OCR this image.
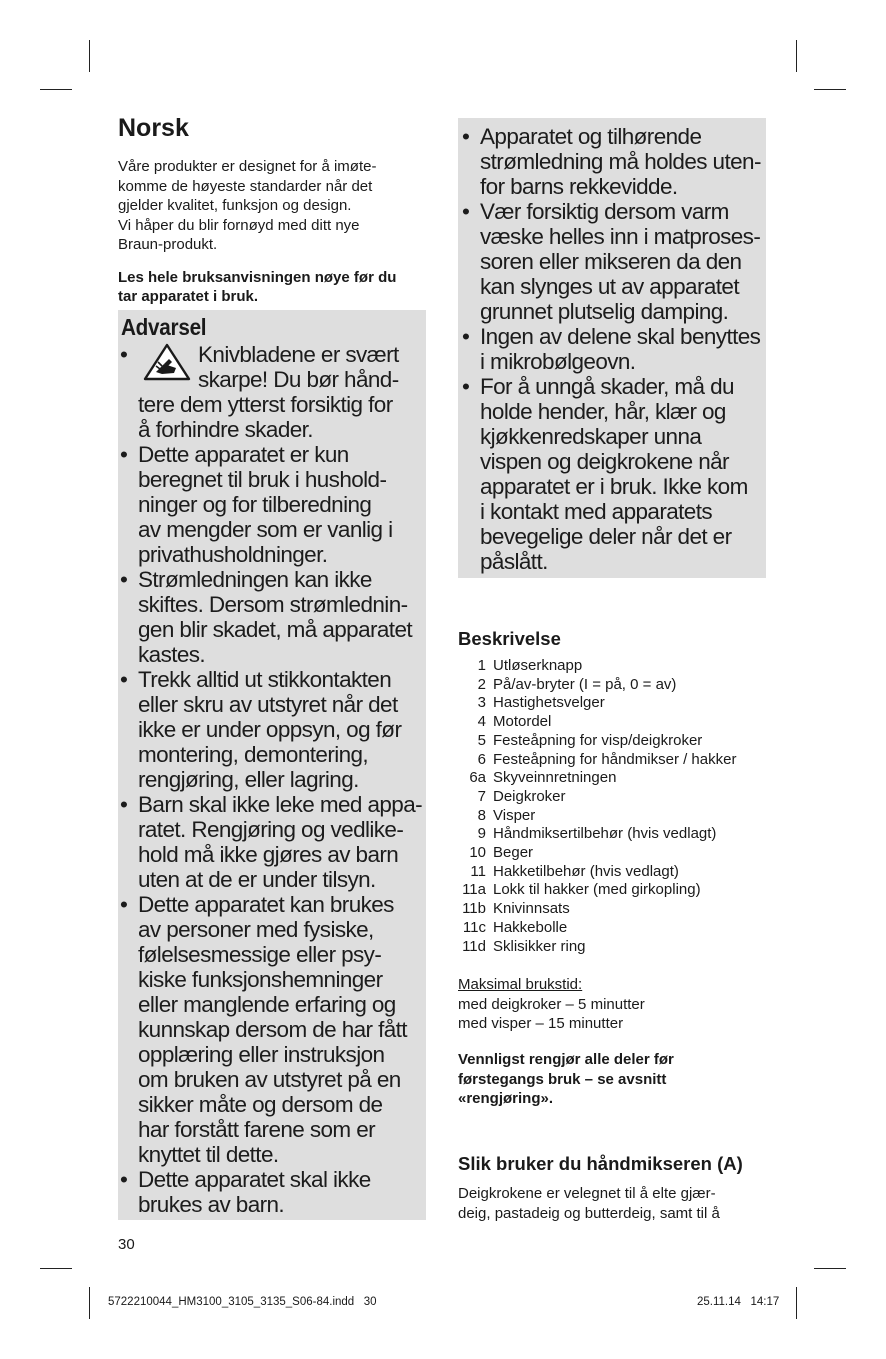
Norsk

Våre produkter er designet for å imøte-
komme de høyeste standarder når det
gjelder kvalitet, funksjon og design.
Vi håper du blir fornøyd med ditt nye
Braun-produkt.

Les hele bruksanvisningen nøye før du
tar apparatet i bruk.

Advarsel
•	Knivbladene er svært
skarpe! Du bør hånd-
tere dem ytterst forsiktig for
å forhindre skader.
• Dette apparatet er kun
beregnet til bruk i hushold-
ninger og for tilberedning
av mengder som er vanlig i
privathusholdninger.
• Strømledningen kan ikke
skiftes. Dersom strømlednin-
gen blir skadet, må apparatet
kastes.
• Trekk alltid ut stikkontakten
eller skru av utstyret når det
ikke er under oppsyn, og før
montering, demontering,
rengjøring, eller lagring.
• Barn skal ikke leke med appa-
ratet. Rengjøring og vedlike-
hold må ikke gjøres av barn
uten at de er under tilsyn.
• Dette apparatet kan brukes
av personer med fysiske,
følelsesmessige eller psy-
kiske funksjonshemninger
eller manglende erfaring og
kunnskap dersom de har fått
opplæring eller instruksjon
om bruken av utstyret på en
sikker måte og dersom de
har forstått farene som er
knyttet til dette.
• Dette apparatet skal ikke
brukes av barn.
• Apparatet og tilhørende
strømledning må holdes uten-
for barns rekkevidde.
• Vær forsiktig dersom varm
væske helles inn i matproses-
soren eller mikseren da den
kan slynges ut av apparatet
grunnet plutselig damping.
• Ingen av delene skal benyttes
i mikrobølgeovn.
• For å unngå skader, må du
holde hender, hår, klær og
kjøkkenredskaper unna
vispen og deigkrokene når
apparatet er i bruk. Ikke kom
i kontakt med apparatets
bevegelige deler når det er
påslått.
Beskrivelse
1 Utløserknapp
2 På/av-bryter (I = på, 0 = av)
3 Hastighetsvelger
4 Motordel
5 Festeåpning for visp/deigkroker
6 Festeåpning for håndmikser / hakker
6a Skyveinnretningen
7 Deigkroker
8 Visper
9 Håndmiksertilbehør (hvis vedlagt)
10 Beger
11 Hakketilbehør (hvis vedlagt)
11a Lokk til hakker (med girkopling)
11b Knivinnsats
11c Hakkebolle
11d Sklisikker ring
Maksimal brukstid:
med deigkroker – 5 minutter
med visper – 15 minutter
Vennligst rengjør alle deler før
førstegangs bruk – se avsnitt
«rengjøring».
Slik bruker du håndmikseren (A)
Deigkrokene er velegnet til å elte gjær-
deig, pastadeig og butterdeig, samt til å
30
5722210044_HM3100_3105_3135_S06-84.indd   30	25.11.14   14:17
